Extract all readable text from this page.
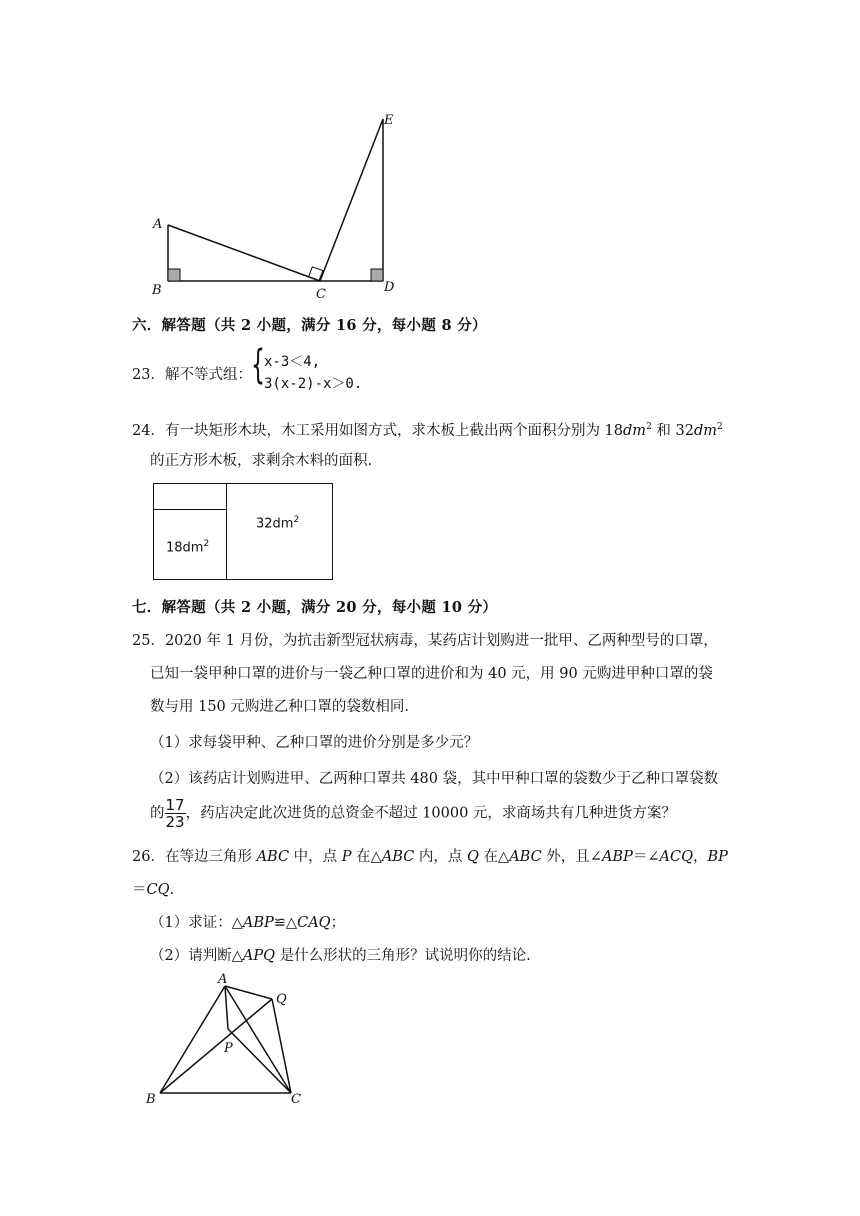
A
B	C	D
E
六．解答题（共 2 小题，满分 16 分，每小题 8 分）
23．解不等式组： { x-3＜4,
3(x-2)-x＞0.
24．有一块矩形木块，木工采用如图方式，求木板上截出两个面积分别为 $18dm^2$ 和 $32dm^2$
的正方形木板，求剩余木料的面积.
$18dm^2$
$32dm^2$
七．解答题（共 2 小题，满分 20 分，每小题 10 分）
25．2020 年 1 月份，为抗击新型冠状病毒，某药店计划购进一批甲、乙两种型号的口罩，
已知一袋甲种口罩的进价与一袋乙种口罩的进价和为 40 元，用 90 元购进甲种口罩的袋
数与用 150 元购进乙种口罩的袋数相同.
（1）求每袋甲种、乙种口罩的进价分别是多少元？
（2）该药店计划购进甲、乙两种口罩共 480 袋，其中甲种口罩的袋数少于乙种口罩袋数
的 $\frac{17}{23}$ ，药店决定此次进货的总资金不超过 10000 元，求商场共有几种进货方案？
26．在等边三角形 ABC 中，点 P 在△ABC 内，点 Q 在△ABC 外，且∠ABP＝∠ACQ，BP
＝CQ.
（1）求证：△ABP≌△CAQ；
（2）请判断△APQ 是什么形状的三角形？试说明你的结论.
A
B	C
P
Q
